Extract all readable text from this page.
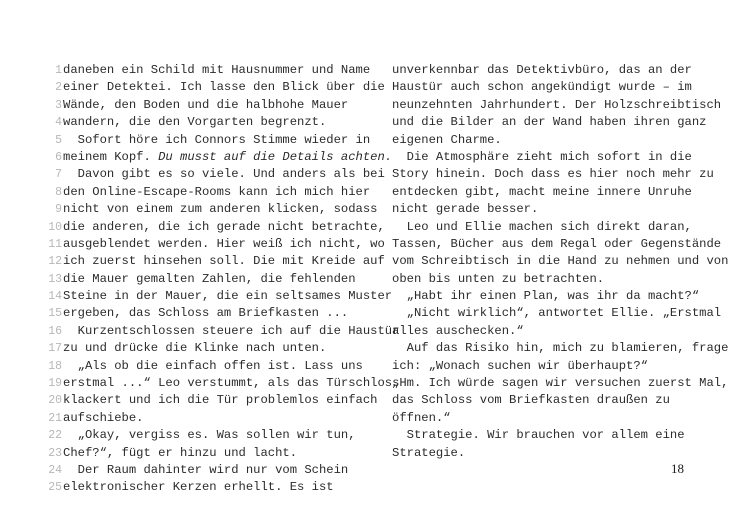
1 daneben ein Schild mit Hausnummer und Name
2 einer Detektei. Ich lasse den Blick über die
3 Wände, den Boden und die halbhohe Mauer
4 wandern, die den Vorgarten begrenzt.
5 Sofort höre ich Connors Stimme wieder in
6 meinem Kopf. Du musst auf die Details achten.
7 Davon gibt es so viele. Und anders als bei
8 den Online-Escape-Rooms kann ich mich hier
9 nicht von einem zum anderen klicken, sodass
10 die anderen, die ich gerade nicht betrachte,
11 ausgeblendet werden. Hier weiß ich nicht, wo
12 ich zuerst hinsehen soll. Die mit Kreide auf
13 die Mauer gemalten Zahlen, die fehlenden
14 Steine in der Mauer, die ein seltsames Muster
15 ergeben, das Schloss am Briefkasten ...
16 Kurzentschlossen steuere ich auf die Haustür
17 zu und drücke die Klinke nach unten.
18 „Als ob die einfach offen ist. Lass uns
19 erstmal ...“ Leo verstummt, als das Türschloss
20 klackert und ich die Tür problemlos einfach
21 aufschiebe.
22 „Okay, vergiss es. Was sollen wir tun,
23 Chef?“, fügt er hinzu und lacht.
24 Der Raum dahinter wird nur vom Schein
25 elektronischer Kerzen erhellt. Es ist
unverkennbar das Detektivbüro, das an der
Haustür auch schon angekündigt wurde – im
neunzehnten Jahrhundert. Der Holzschreibtisch
und die Bilder an der Wand haben ihren ganz
eigenen Charme.
Die Atmosphäre zieht mich sofort in die
Story hinein. Doch dass es hier noch mehr zu
entdecken gibt, macht meine innere Unruhe
nicht gerade besser.
Leo und Ellie machen sich direkt daran,
Tassen, Bücher aus dem Regal oder Gegenstände
vom Schreibtisch in die Hand zu nehmen und von
oben bis unten zu betrachten.
„Habt ihr einen Plan, was ihr da macht?“
„Nicht wirklich“, antwortet Ellie. „Erstmal
alles auschecken.“
Auf das Risiko hin, mich zu blamieren, frage
ich: „Wonach suchen wir überhaupt?“
„Hm. Ich würde sagen wir versuchen zuerst Mal,
das Schloss vom Briefkasten draußen zu
öffnen.“
Strategie. Wir brauchen vor allem eine
Strategie.
18
